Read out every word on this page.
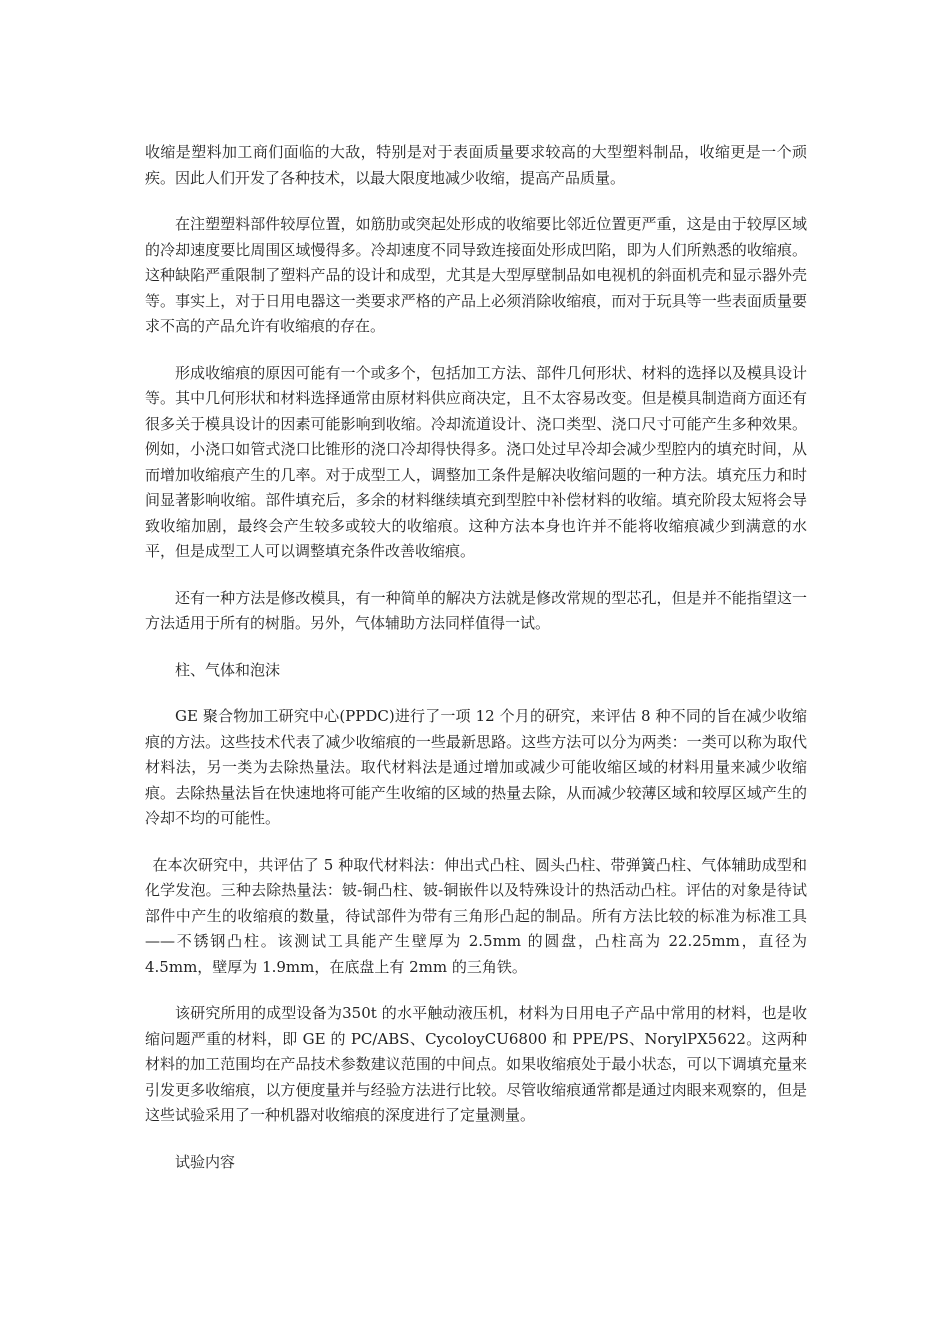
收缩是塑料加工商们面临的大敌，特别是对于表面质量要求较高的大型塑料制品，收缩更是一个顽疾。因此人们开发了各种技术，以最大限度地减少收缩，提高产品质量。

在注塑塑料部件较厚位置，如筋肋或突起处形成的收缩要比邻近位置更严重，这是由于较厚区域的冷却速度要比周围区域慢得多。冷却速度不同导致连接面处形成凹陷，即为人们所熟悉的收缩痕。这种缺陷严重限制了塑料产品的设计和成型，尤其是大型厚壁制品如电视机的斜面机壳和显示器外壳等。事实上，对于日用电器这一类要求严格的产品上必须消除收缩痕，而对于玩具等一些表面质量要求不高的产品允许有收缩痕的存在。

形成收缩痕的原因可能有一个或多个，包括加工方法、部件几何形状、材料的选择以及模具设计等。其中几何形状和材料选择通常由原材料供应商决定，且不太容易改变。但是模具制造商方面还有很多关于模具设计的因素可能影响到收缩。冷却流道设计、浇口类型、浇口尺寸可能产生多种效果。例如，小浇口如管式浇口比锥形的浇口冷却得快得多。浇口处过早冷却会减少型腔内的填充时间，从而增加收缩痕产生的几率。对于成型工人，调整加工条件是解决收缩问题的一种方法。填充压力和时间显著影响收缩。部件填充后，多余的材料继续填充到型腔中补偿材料的收缩。填充阶段太短将会导致收缩加剧，最终会产生较多或较大的收缩痕。这种方法本身也许并不能将收缩痕减少到满意的水平，但是成型工人可以调整填充条件改善收缩痕。

还有一种方法是修改模具，有一种简单的解决方法就是修改常规的型芯孔，但是并不能指望这一方法适用于所有的树脂。另外，气体辅助方法同样值得一试。

柱、气体和泡沫

GE 聚合物加工研究中心(PPDC)进行了一项 12 个月的研究，来评估 8 种不同的旨在减少收缩痕的方法。这些技术代表了减少收缩痕的一些最新思路。这些方法可以分为两类：一类可以称为取代材料法，另一类为去除热量法。取代材料法是通过增加或减少可能收缩区域的材料用量来减少收缩痕。去除热量法旨在快速地将可能产生收缩的区域的热量去除，从而减少较薄区域和较厚区域产生的冷却不均的可能性。

在本次研究中，共评估了 5 种取代材料法：伸出式凸柱、圆头凸柱、带弹簧凸柱、气体辅助成型和化学发泡。三种去除热量法：铍-铜凸柱、铍-铜嵌件以及特殊设计的热活动凸柱。评估的对象是待试部件中产生的收缩痕的数量，待试部件为带有三角形凸起的制品。所有方法比较的标准为标准工具——不锈钢凸柱。该测试工具能产生壁厚为 2.5mm 的圆盘，凸柱高为 22.25mm，直径为 4.5mm，壁厚为 1.9mm，在底盘上有 2mm 的三角铁。

该研究所用的成型设备为350t 的水平触动液压机，材料为日用电子产品中常用的材料，也是收缩问题严重的材料，即 GE 的 PC/ABS、CycoloyCU6800 和 PPE/PS、NorylPX5622。这两种材料的加工范围均在产品技术参数建议范围的中间点。如果收缩痕处于最小状态，可以下调填充量来引发更多收缩痕，以方便度量并与经验方法进行比较。尽管收缩痕通常都是通过肉眼来观察的，但是这些试验采用了一种机器对收缩痕的深度进行了定量测量。

试验内容
